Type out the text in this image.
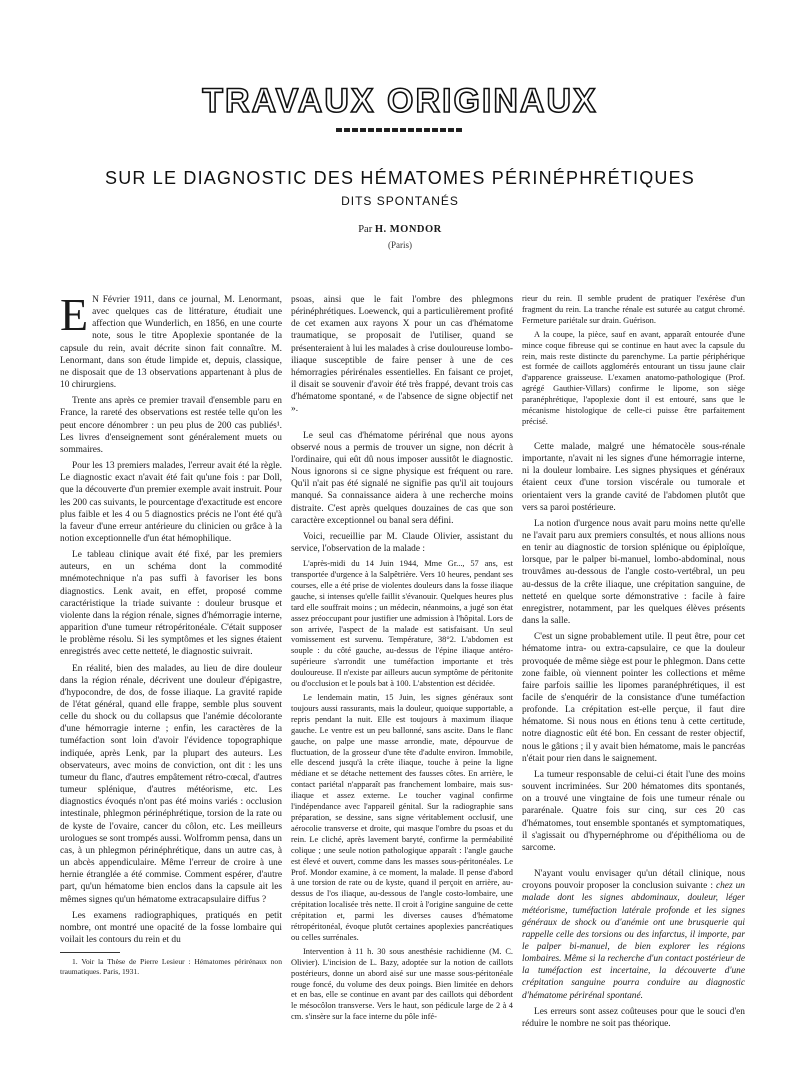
TRAVAUX ORIGINAUX
SUR LE DIAGNOSTIC DES HÉMATOMES PÉRINÉPHRÉTIQUES
DITS SPONTANÉS
Par H. MONDOR
(Paris)

E N Février 1911, dans ce journal, M. Lenormant, avec quelques cas de littérature, étudiait une affection que Wunderlich, en 1856, en une courte note, sous le titre Apoplexie spontanée de la capsule du rein, avait décrite sinon fait connaître. M. Lenormant, dans son étude limpide et, depuis, classique, ne disposait que de 13 observations appartenant à plus de 10 chirurgiens.

Trente ans après ce premier travail d'ensemble paru en France, la rareté des observations est restée telle qu'on les peut encore dénombrer : un peu plus de 200 cas publiés¹. Les livres d'enseignement sont généralement muets ou sommaires.

Pour les 13 premiers malades, l'erreur avait été la règle. Le diagnostic exact n'avait été fait qu'une fois : par Doll, que la découverte d'un premier exemple avait instruit. Pour les 200 cas suivants, le pourcentage d'exactitude est encore plus faible et les 4 ou 5 diagnostics précis ne l'ont été qu'à la faveur d'une erreur antérieure du clinicien ou grâce à la notion exceptionnelle d'un état hémophilique.

Le tableau clinique avait été fixé, par les premiers auteurs, en un schéma dont la commodité mnémotechnique n'a pas suffi à favoriser les bons diagnostics. Lenk avait, en effet, proposé comme caractéristique la triade suivante : douleur brusque et violente dans la région rénale, signes d'hémorragie interne, apparition d'une tumeur rétropéritonéale. C'était supposer le problème résolu. Si les symptômes et les signes étaient enregistrés avec cette netteté, le diagnostic suivrait.

En réalité, bien des malades, au lieu de dire douleur dans la région rénale, décrivent une douleur d'épigastre, d'hypocondre, de dos, de fosse iliaque. La gravité rapide de l'état général, quand elle frappe, semble plus souvent celle du shock ou du collapsus que l'anémie décolorante d'une hémorragie interne ; enfin, les caractères de la tuméfaction sont loin d'avoir l'évidence topographique indiquée, après Lenk, par la plupart des auteurs. Les observateurs, avec moins de conviction, ont dit : les uns tumeur du flanc, d'autres empâtement rétro-cœcal, d'autres tumeur splénique, d'autres météorisme, etc. Les diagnostics évoqués n'ont pas été moins variés : occlusion intestinale, phlegmon périnéphrétique, torsion de la rate ou de kyste de l'ovaire, cancer du côlon, etc. Les meilleurs urologues se sont trompés aussi. Wolfromm pensa, dans un cas, à un phlegmon périnéphrétique, dans un autre cas, à un abcès appendiculaire. Même l'erreur de croire à une hernie étranglée a été commise. Comment espérer, d'autre part, qu'un hématome bien enclos dans la capsule ait les mêmes signes qu'un hématome extracapsulaire diffus ?

Les examens radiographiques, pratiqués en petit nombre, ont montré une opacité de la fosse lombaire qui voilait les contours du rein et du

1. Voir la Thèse de Pierre Lesieur : Hématomes périrénaux non traumatiques. Paris, 1931.

psoas, ainsi que le fait l'ombre des phlegmons périnéphrétiques. Loewenck, qui a particulièrement profité de cet examen aux rayons X pour un cas d'hématome traumatique, se proposait de l'utiliser, quand se présenteraient à lui les malades à crise douloureuse lombo-iliaque susceptible de faire penser à une de ces hémorragies périrénales essentielles. En faisant ce projet, il disait se souvenir d'avoir été très frappé, devant trois cas d'hématome spontané, « de l'absence de signe objectif net ».

Le seul cas d'hématome périrénal que nous ayons observé nous a permis de trouver un signe, non décrit à l'ordinaire, qui eût dû nous imposer aussitôt le diagnostic. Nous ignorons si ce signe physique est fréquent ou rare. Qu'il n'ait pas été signalé ne signifie pas qu'il ait toujours manqué. Sa connaissance aidera à une recherche moins distraite. C'est après quelques douzaines de cas que son caractère exceptionnel ou banal sera défini.

Voici, recueillie par M. Claude Olivier, assistant du service, l'observation de la malade :

L'après-midi du 14 Juin 1944, Mme Gr..., 57 ans, est transportée d'urgence à la Salpêtrière. Vers 10 heures, pendant ses courses, elle a été prise de violentes douleurs dans la fosse iliaque gauche, si intenses qu'elle faillit s'évanouir. Quelques heures plus tard elle souffrait moins ; un médecin, néanmoins, a jugé son état assez préoccupant pour justifier une admission à l'hôpital. Lors de son arrivée, l'aspect de la malade est satisfaisant. Un seul vomissement est survenu. Température, 38°2. L'abdomen est souple : du côté gauche, au-dessus de l'épine iliaque antéro-supérieure s'arrondit une tuméfaction importante et très douloureuse. Il n'existe par ailleurs aucun symptôme de péritonite ou d'occlusion et le pouls bat à 100. L'abstention est décidée.

Le lendemain matin, 15 Juin, les signes généraux sont toujours aussi rassurants, mais la douleur, quoique supportable, a repris pendant la nuit. Elle est toujours à maximum iliaque gauche. Le ventre est un peu ballonné, sans ascite. Dans le flanc gauche, on palpe une masse arrondie, mate, dépourvue de fluctuation, de la grosseur d'une tête d'adulte environ. Immobile, elle descend jusqu'à la crête iliaque, touche à peine la ligne médiane et se détache nettement des fausses côtes. En arrière, le contact pariétal n'apparaît pas franchement lombaire, mais sus-iliaque et assez externe. Le toucher vaginal confirme l'indépendance avec l'appareil génital. Sur la radiographie sans préparation, se dessine, sans signe véritablement occlusif, une aérocolie transverse et droite, qui masque l'ombre du psoas et du rein. Le cliché, après lavement baryté, confirme la perméabilité colique ; une seule notion pathologique apparaît : l'angle gauche est élevé et ouvert, comme dans les masses sous-péritonéales. Le Prof. Mondor examine, à ce moment, la malade. Il pense d'abord à une torsion de rate ou de kyste, quand il perçoit en arrière, au-dessus de l'os iliaque, au-dessous de l'angle costo-lombaire, une crépitation localisée très nette. Il croit à l'origine sanguine de cette crépitation et, parmi les diverses causes d'hématome rétropéritonéal, évoque plutôt certaines apoplexies pancréatiques ou celles surrénales.

Intervention à 11 h. 30 sous anesthésie rachidienne (M. C. Olivier). L'incision de L. Bazy, adoptée sur la notion de caillots postérieurs, donne un abord aisé sur une masse sous-péritonéale rouge foncé, du volume des deux poings. Bien limitée en dehors et en bas, elle se continue en avant par des caillots qui débordent le mésocôlon transverse. Vers le haut, son pédicule large de 2 à 4 cm. s'insère sur la face interne du pôle infé-

rieur du rein. Il semble prudent de pratiquer l'exérèse d'un fragment du rein. La tranche rénale est suturée au catgut chromé. Fermeture pariétale sur drain. Guérison.

A la coupe, la pièce, sauf en avant, apparaît entourée d'une mince coque fibreuse qui se continue en haut avec la capsule du rein, mais reste distincte du parenchyme. La partie périphérique est formée de caillots agglomérés entourant un tissu jaune clair d'apparence graisseuse. L'examen anatomo-pathologique (Prof. agrégé Gauthier-Villars) confirme le lipome, son siège paranéphrétique, l'apoplexie dont il est entouré, sans que le mécanisme histologique de celle-ci puisse être parfaitement précisé.

Cette malade, malgré une hématocèle sous-rénale importante, n'avait ni les signes d'une hémorragie interne, ni la douleur lombaire. Les signes physiques et généraux étaient ceux d'une torsion viscérale ou tumorale et orientaient vers la grande cavité de l'abdomen plutôt que vers sa paroi postérieure.

La notion d'urgence nous avait paru moins nette qu'elle ne l'avait paru aux premiers consultés, et nous allions nous en tenir au diagnostic de torsion splénique ou épiploïque, lorsque, par le palper bi-manuel, lombo-abdominal, nous trouvâmes au-dessous de l'angle costo-vertébral, un peu au-dessus de la crête iliaque, une crépitation sanguine, de netteté en quelque sorte démonstrative : facile à faire enregistrer, notamment, par les quelques élèves présents dans la salle.

C'est un signe probablement utile. Il peut être, pour cet hématome intra- ou extra-capsulaire, ce que la douleur provoquée de même siège est pour le phlegmon. Dans cette zone faible, où viennent pointer les collections et même faire parfois saillie les lipomes paranéphrétiques, il est facile de s'enquérir de la consistance d'une tuméfaction profonde. La crépitation est-elle perçue, il faut dire hématome. Si nous nous en étions tenu à cette certitude, notre diagnostic eût été bon. En cessant de rester objectif, nous le gâtions ; il y avait bien hématome, mais le pancréas n'était pour rien dans le saignement.

La tumeur responsable de celui-ci était l'une des moins souvent incriminées. Sur 200 hématomes dits spontanés, on a trouvé une vingtaine de fois une tumeur rénale ou pararénale. Quatre fois sur cinq, sur ces 20 cas d'hématomes, tout ensemble spontanés et symptomatiques, il s'agissait ou d'hypernéphrome ou d'épithélioma ou de sarcome.

N'ayant voulu envisager qu'un détail clinique, nous croyons pouvoir proposer la conclusion suivante : chez un malade dont les signes abdominaux, douleur, léger météorisme, tuméfaction latérale profonde et les signes généraux de shock ou d'anémie ont une brusquerie qui rappelle celle des torsions ou des infarctus, il importe, par le palper bi-manuel, de bien explorer les régions lombaires. Même si la recherche d'un contact postérieur de la tuméfaction est incertaine, la découverte d'une crépitation sanguine pourra conduire au diagnostic d'hématome périrénal spontané.

Les erreurs sont assez coûteuses pour que le souci d'en réduire le nombre ne soit pas théorique.
